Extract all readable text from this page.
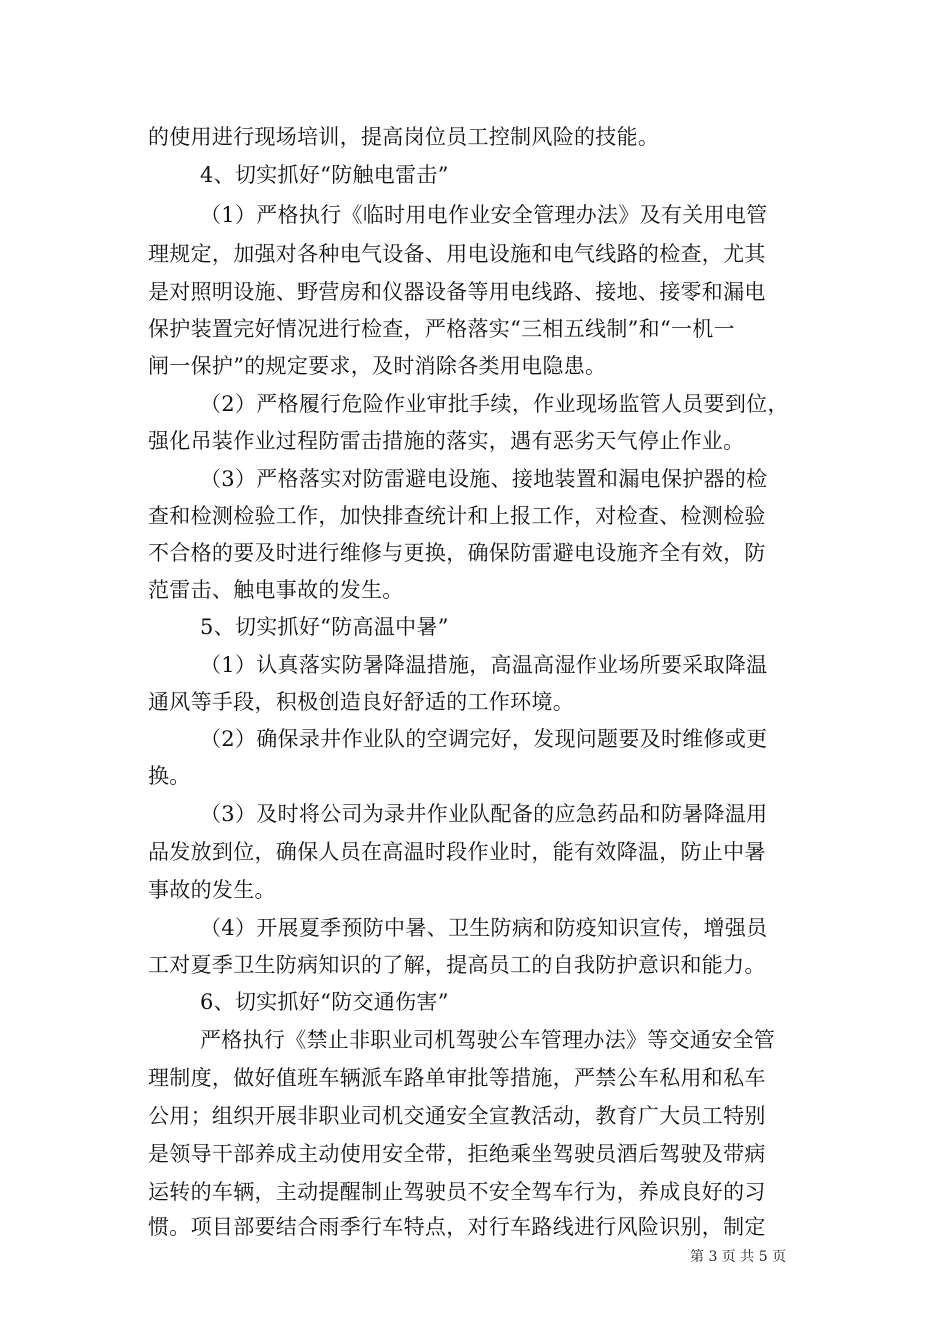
的使用进行现场培训，提高岗位员工控制风险的技能。
4、切实抓好“防触电雷击”
（1）严格执行《临时用电作业安全管理办法》及有关用电管
理规定，加强对各种电气设备、用电设施和电气线路的检查，尤其
是对照明设施、野营房和仪器设备等用电线路、接地、接零和漏电
保护装置完好情况进行检查，严格落实“三相五线制”和“一机一
闸一保护”的规定要求，及时消除各类用电隐患。
（2）严格履行危险作业审批手续，作业现场监管人员要到位，
强化吊装作业过程防雷击措施的落实，遇有恶劣天气停止作业。
（3）严格落实对防雷避电设施、接地装置和漏电保护器的检
查和检测检验工作，加快排查统计和上报工作，对检查、检测检验
不合格的要及时进行维修与更换，确保防雷避电设施齐全有效，防
范雷击、触电事故的发生。
5、切实抓好“防高温中暑”
（1）认真落实防暑降温措施，高温高湿作业场所要采取降温
通风等手段，积极创造良好舒适的工作环境。
（2）确保录井作业队的空调完好，发现问题要及时维修或更
换。
（3）及时将公司为录井作业队配备的应急药品和防暑降温用
品发放到位，确保人员在高温时段作业时，能有效降温，防止中暑
事故的发生。
（4）开展夏季预防中暑、卫生防病和防疫知识宣传，增强员
工对夏季卫生防病知识的了解，提高员工的自我防护意识和能力。
6、切实抓好“防交通伤害”
严格执行《禁止非职业司机驾驶公车管理办法》等交通安全管
理制度，做好值班车辆派车路单审批等措施，严禁公车私用和私车
公用；组织开展非职业司机交通安全宣教活动，教育广大员工特别
是领导干部养成主动使用安全带，拒绝乘坐驾驶员酒后驾驶及带病
运转的车辆，主动提醒制止驾驶员不安全驾车行为，养成良好的习
惯。项目部要结合雨季行车特点，对行车路线进行风险识别，制定
第 3 页 共 5 页
